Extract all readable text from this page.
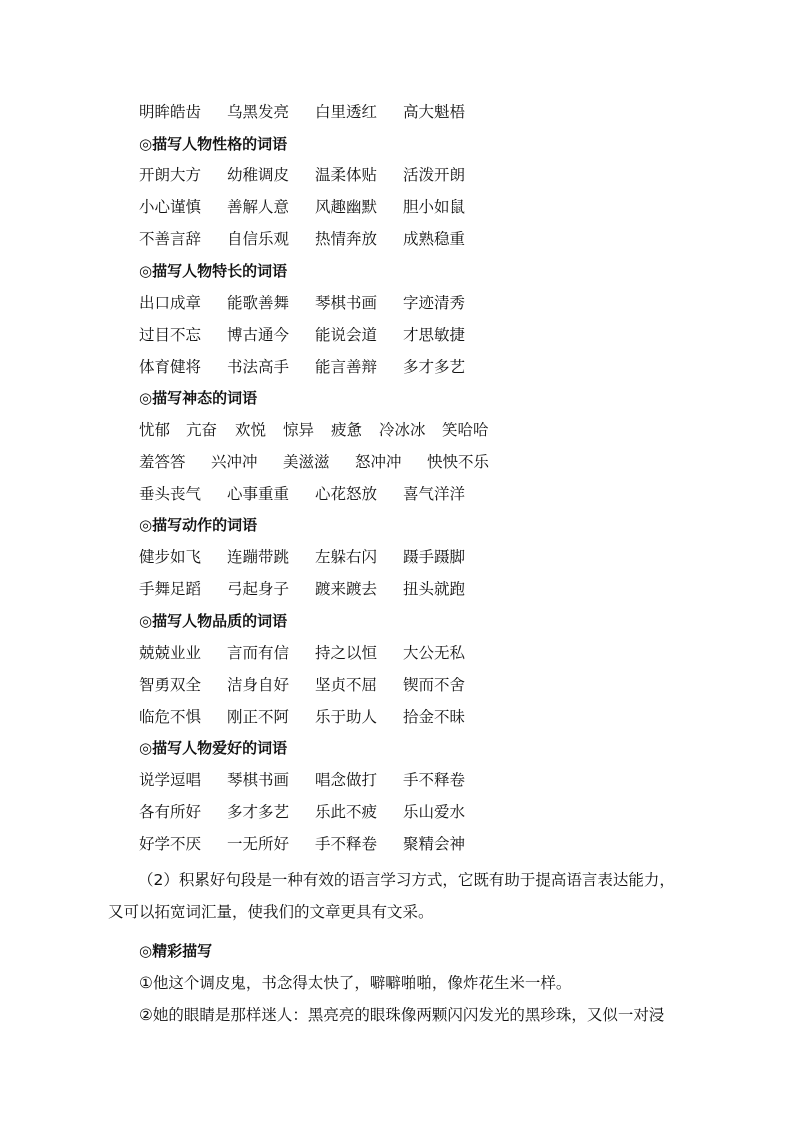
明眸皓齿 乌黑发亮 白里透红 高大魁梧
◎描写人物性格的词语
开朗大方 幼稚调皮 温柔体贴 活泼开朗
小心谨慎 善解人意 风趣幽默 胆小如鼠
不善言辞 自信乐观 热情奔放 成熟稳重
◎描写人物特长的词语
出口成章 能歌善舞 琴棋书画 字迹清秀
过目不忘 博古通今 能说会道 才思敏捷
体育健将 书法高手 能言善辩 多才多艺
◎描写神态的词语
忧郁 亢奋 欢悦 惊异 疲惫 冷冰冰 笑哈哈
羞答答 兴冲冲 美滋滋 怒冲冲 怏怏不乐
垂头丧气 心事重重 心花怒放 喜气洋洋
◎描写动作的词语
健步如飞 连蹦带跳 左躲右闪 蹑手蹑脚
手舞足蹈 弓起身子 踱来踱去 扭头就跑
◎描写人物品质的词语
兢兢业业 言而有信 持之以恒 大公无私
智勇双全 洁身自好 坚贞不屈 锲而不舍
临危不惧 刚正不阿 乐于助人 拾金不昧
◎描写人物爱好的词语
说学逗唱 琴棋书画 唱念做打 手不释卷
各有所好 多才多艺 乐此不疲 乐山爱水
好学不厌 一无所好 手不释卷 聚精会神

（2）积累好句段是一种有效的语言学习方式，它既有助于提高语言表达能力，又可以拓宽词汇量，使我们的文章更具有文采。

◎精彩描写
①他这个调皮鬼，书念得太快了，噼噼啪啪，像炸花生米一样。
②她的眼睛是那样迷人：黑亮亮的眼珠像两颗闪闪发光的黑珍珠，又似一对浸
